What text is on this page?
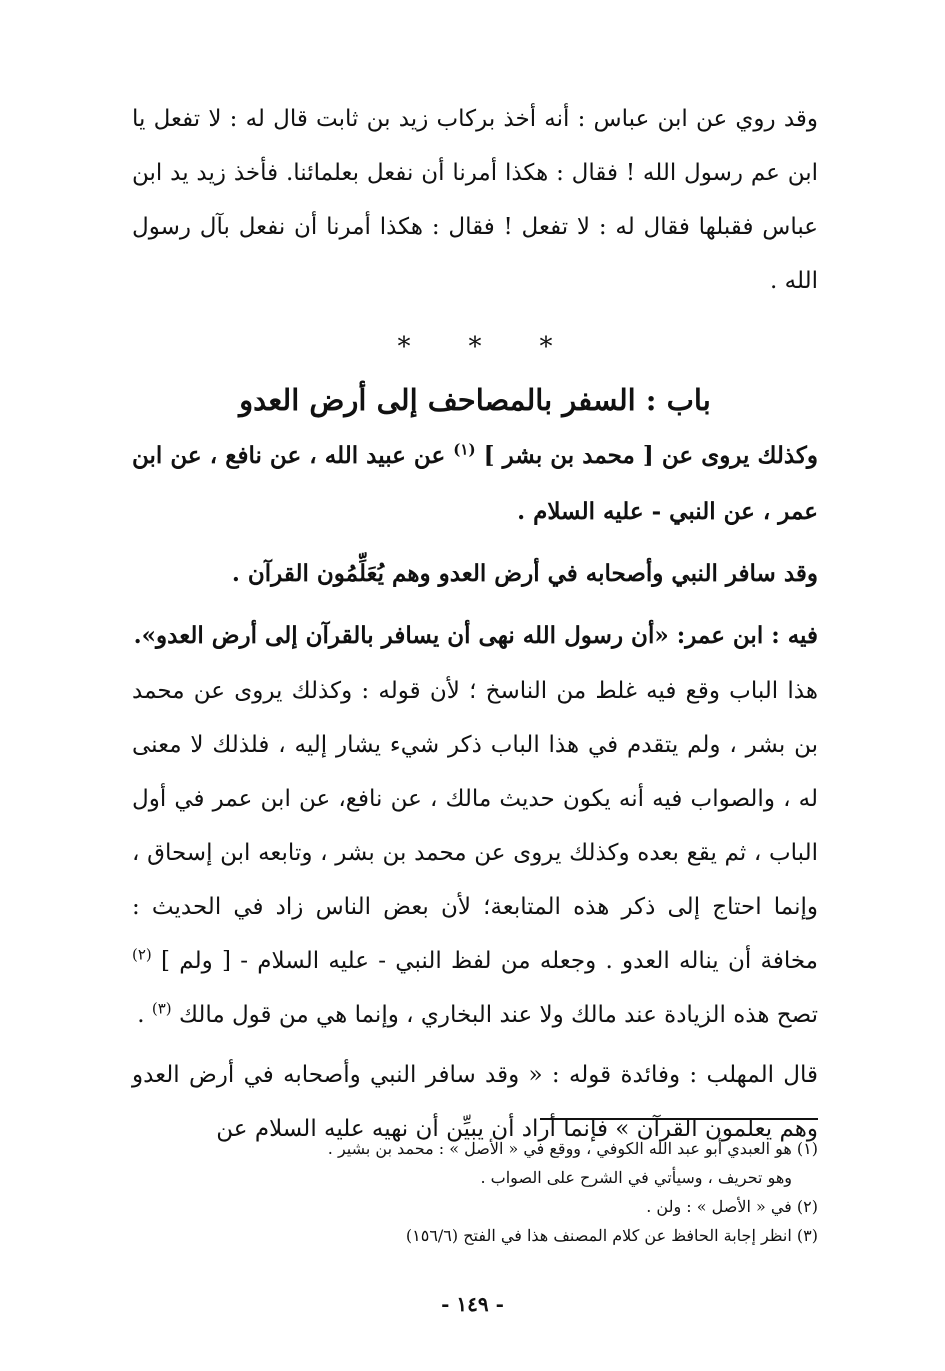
وقد روي عن ابن عباس : أنه أخذ بركاب زيد بن ثابت قال له : لا تفعل يا ابن عم رسول الله ! فقال : هكذا أمرنا أن نفعل بعلمائنا. فأخذ زيد يد ابن عباس فقبلها فقال له : لا تفعل ! فقال : هكذا أمرنا أن نفعل بآل رسول الله .

* * *
باب : السفر بالمصاحف إلى أرض العدو

وكذلك يروى عن [ محمد بن بشر ] $^{(١)}$ عن عبيد الله ، عن نافع ، عن ابن عمر ، عن النبي - عليه السلام .

وقد سافر النبي وأصحابه في أرض العدو وهم يُعَلِّمُون القرآن .

فيه : ابن عمر: «أن رسول الله نهى أن يسافر بالقرآن إلى أرض العدو».

هذا الباب وقع فيه غلط من الناسخ ؛ لأن قوله : وكذلك يروى عن محمد بن بشر ، ولم يتقدم في هذا الباب ذكر شيء يشار إليه ، فلذلك لا معنى له ، والصواب فيه أنه يكون حديث مالك ، عن نافع، عن ابن عمر في أول الباب ، ثم يقع بعده وكذلك يروى عن محمد بن بشر ، وتابعه ابن إسحاق ، وإنما احتاج إلى ذكر هذه المتابعة؛ لأن بعض الناس زاد في الحديث : مخافة أن يناله العدو . وجعله من لفظ النبي - عليه السلام - [ ولم ] $^{(٢)}$ تصح هذه الزيادة عند مالك ولا عند البخاري ، وإنما هي من قول مالك $^{(٣)}$ .

قال المهلب : وفائدة قوله : « وقد سافر النبي وأصحابه في أرض العدو وهم يعلمون القرآن » فإنما أراد أن يبيِّن أن نهيه عليه السلام عن

(١) هو العبدي أبو عبد الله الكوفي ، ووقع في « الأصل » : محمد بن بشير .

وهو تحريف ، وسيأتي في الشرح على الصواب .

(٢) في « الأصل » : ولن .

(٣) انظر إجابة الحافظ عن كلام المصنف هذا في الفتح (١٥٦/٦)

- ١٤٩ -
